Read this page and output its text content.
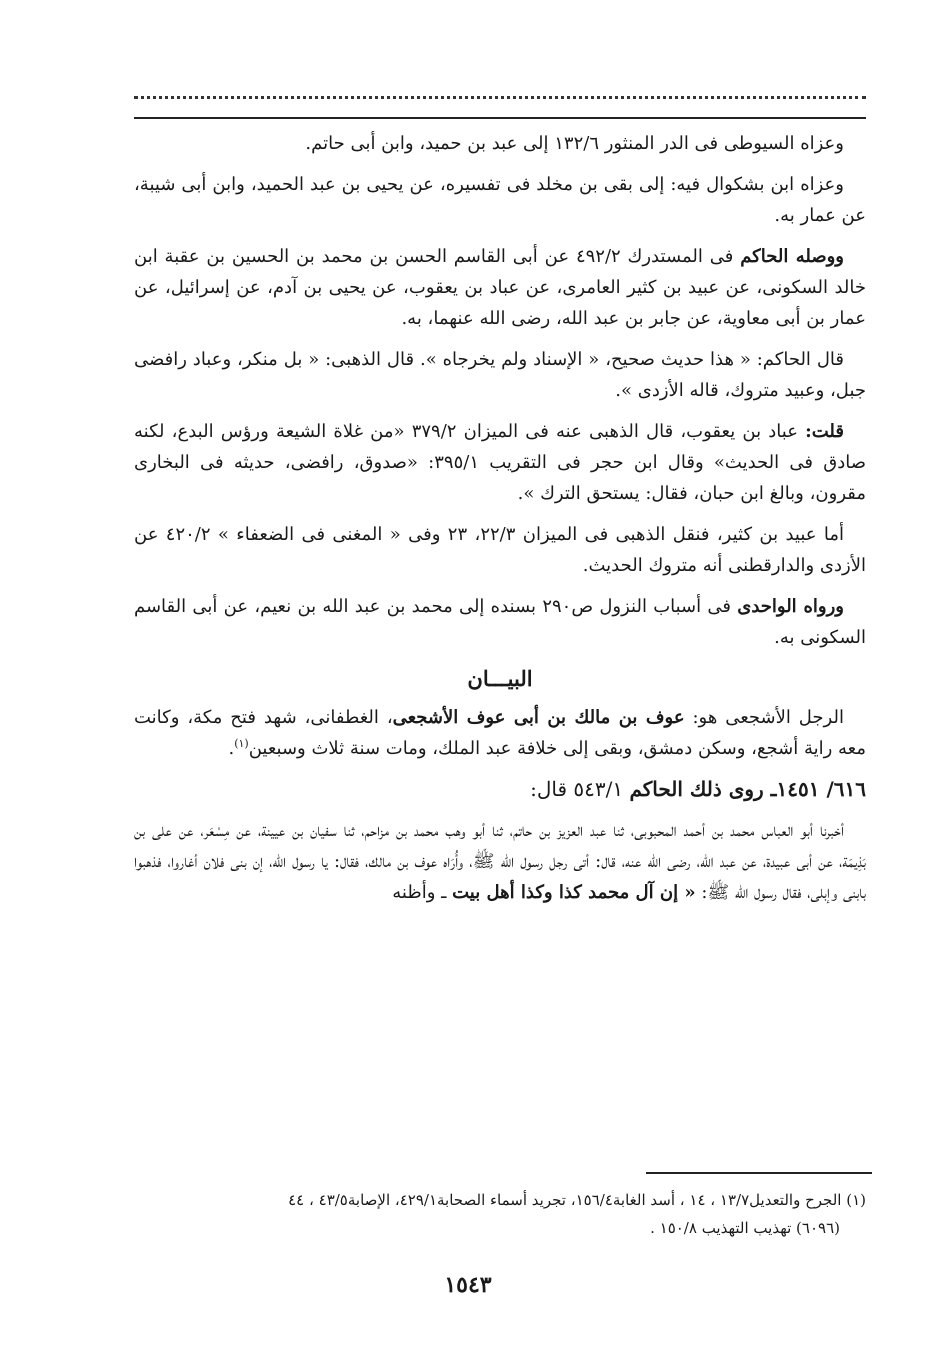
وعزاه السيوطى فى الدر المنثور ١٣٢/٦ إلى عبد بن حميد، وابن أبى حاتم.

وعزاه ابن بشكوال فيه: إلى بقى بن مخلد فى تفسيره، عن يحيى بن عبد الحميد، وابن أبى شيبة، عن عمار به.

ووصله الحاكم فى المستدرك ٤٩٢/٢ عن أبى القاسم الحسن بن محمد بن الحسين بن عقبة ابن خالد السكونى، عن عبيد بن كثير العامرى، عن عباد بن يعقوب، عن يحيى بن آدم، عن إسرائيل، عن عمار بن أبى معاوية، عن جابر بن عبد الله، رضى الله عنهما، به.

قال الحاكم: « هذا حديث صحيح، « الإسناد ولم يخرجاه ». قال الذهبى: « بل منكر، وعباد رافضى جبل، وعبيد متروك، قاله الأزدى ».

قلت: عباد بن يعقوب، قال الذهبى عنه فى الميزان ٣٧٩/٢ «من غلاة الشيعة ورؤس البدع، لكنه صادق فى الحديث» وقال ابن حجر فى التقريب ٣٩٥/١: «صدوق، رافضى، حديثه فى البخارى مقرون، وبالغ ابن حبان، فقال: يستحق الترك ».

أما عبيد بن كثير، فنقل الذهبى فى الميزان ٢٢/٣، ٢٣ وفى « المغنى فى الضعفاء » ٤٢٠/٢ عن الأزدى والدارقطنى أنه متروك الحديث.

ورواه الواحدى فى أسباب النزول ص٢٩٠ بسنده إلى محمد بن عبد الله بن نعيم، عن أبى القاسم السكونى به.

البيـــان

الرجل الأشجعى هو: عوف بن مالك بن أبى عوف الأشجعى، الغطفانى، شهد فتح مكة، وكانت معه راية أشجع، وسكن دمشق، وبقى إلى خلافة عبد الملك، ومات سنة ثلاث وسبعين$^{(١)}$.

٦١٦/ ١٤٥١ـ روى ذلك الحاكم ٥٤٣/١ قال:

أخبرنا أبو العباس محمد بن أحمد المحبوبى، ثنا عبد العزيز بن حاتم، ثنا أبو وهب محمد بن مزاحم، ثنا سفيان بن عيينة، عن مِسْعَر، عن على بن بَذِيمَة، عن أبى عبيدة، عن عبد الله، رضى الله عنه، قال: أتى رجل رسول الله ﷺ، وأُرَاه عوف بن مالك، فقال: يا رسول الله، إن بنى فلان أغاروا، فذهبوا بابنى وإبلى، فقال رسول الله ﷺ: « إن آل محمد كذا وكذا أهل بيت ـ وأظنه

(١) الجرح والتعديل١٣/٧ ، ١٤ ، أسد الغابة١٥٦/٤، تجريد أسماء الصحابة٤٢٩/١، الإصابة٤٣/٥ ، ٤٤
(٦٠٩٦) تهذيب التهذيب ١٥٠/٨ .
١٥٤٣
